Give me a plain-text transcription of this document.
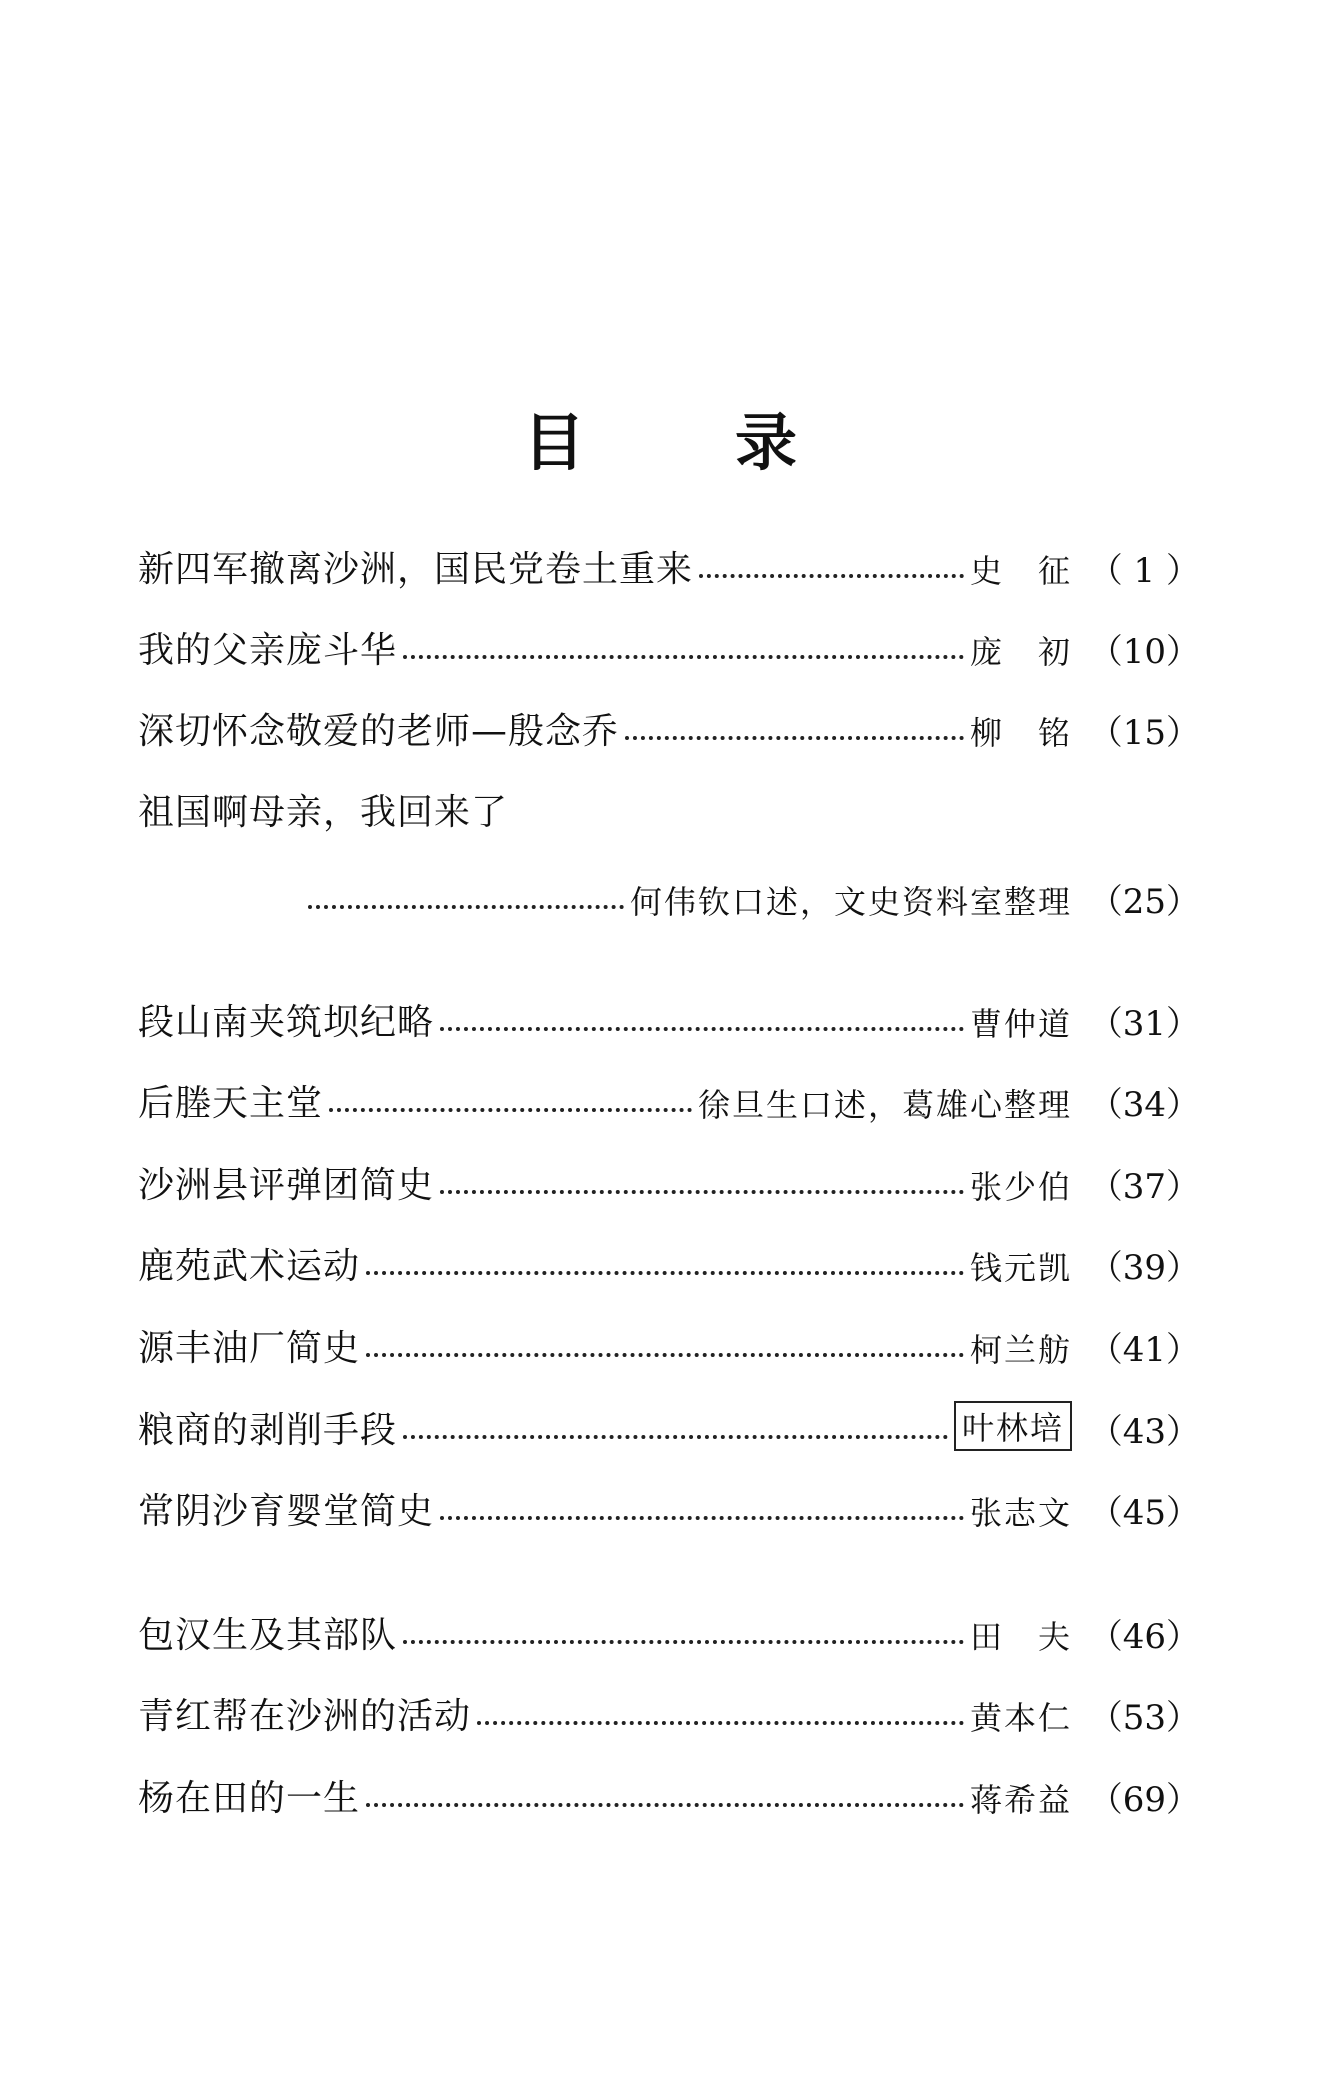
目 录
新四军撤离沙洲，国民党卷土重来	史　征 （ 1 ）
我的父亲庞斗华	庞　初 （10）
深切怀念敬爱的老师—殷念乔	柳　铭 （15）
祖国啊母亲，我回来了
何伟钦口述，文史资料室整理 （25）
段山南夹筑坝纪略	曹仲道 （31）
后塍天主堂	徐旦生口述，葛雄心整理 （34）
沙洲县评弹团简史	张少伯 （37）
鹿苑武术运动	钱元凯 （39）
源丰油厂简史	柯兰舫 （41）
粮商的剥削手段	叶林培 （43）
常阴沙育婴堂简史	张志文 （45）
包汉生及其部队	田　夫 （46）
青红帮在沙洲的活动	黄本仁 （53）
杨在田的一生	蒋希益 （69）
